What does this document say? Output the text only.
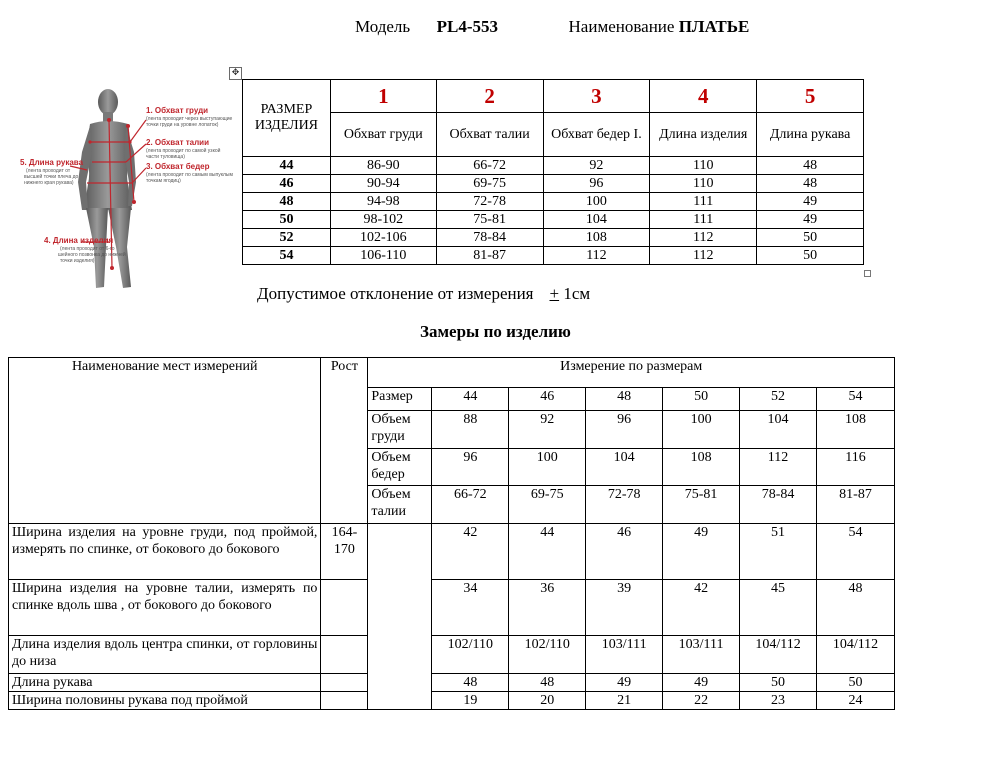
Модель PL4-553	Наименование ПЛАТЬЕ
1. Обхват груди
(лента проходит через выступающие
точки груди на уровне лопаток)
2. Обхват талии
(лента проходит по самой узкой
части туловища)
3. Обхват бедер
(лента проходит по самым выпуклым
точкам ягодиц)
4. Длина изделия
(лента проходит от 6-го
шейного позвонка до нижней
точки изделия)
5. Длина рукава
(лента проходит от
высшей точки плеча до
нижнего края рукава)
✥
РАЗМЕР ИЗДЕЛИЯ	1	2	3	4	5
	Обхват груди	Обхват талии	Обхват бедер I.	Длина изделия	Длина рукава
44	86-90	66-72	92	110	48
46	90-94	69-75	96	110	48
48	94-98	72-78	100	111	49
50	98-102	75-81	104	111	49
52	102-106	78-84	108	112	50
54	106-110	81-87	112	112	50
Допустимое отклонение от измерения + 1см
Замеры по изделию
Наименование мест измерений	Рост	Измерение по размерам						
		Размер	44	46	48	50	52	54
		Объем груди	88	92	96	100	104	108
		Объем бедер	96	100	104	108	112	116
		Объем талии	66-72	69-75	72-78	75-81	78-84	81-87
Ширина изделия на уровне груди, под проймой, измерять по спинке, от бокового до бокового	164-170		42	44	46	49	51	54
Ширина изделия на уровне талии, измерять по спинке вдоль шва , от бокового до бокового			34	36	39	42	45	48
Длина изделия вдоль центра спинки, от горловины до низа			102/110	102/110	103/111	103/111	104/112	104/112
Длина рукава			48	48	49	49	50	50
Ширина половины рукава под проймой			19	20	21	22	23	24
